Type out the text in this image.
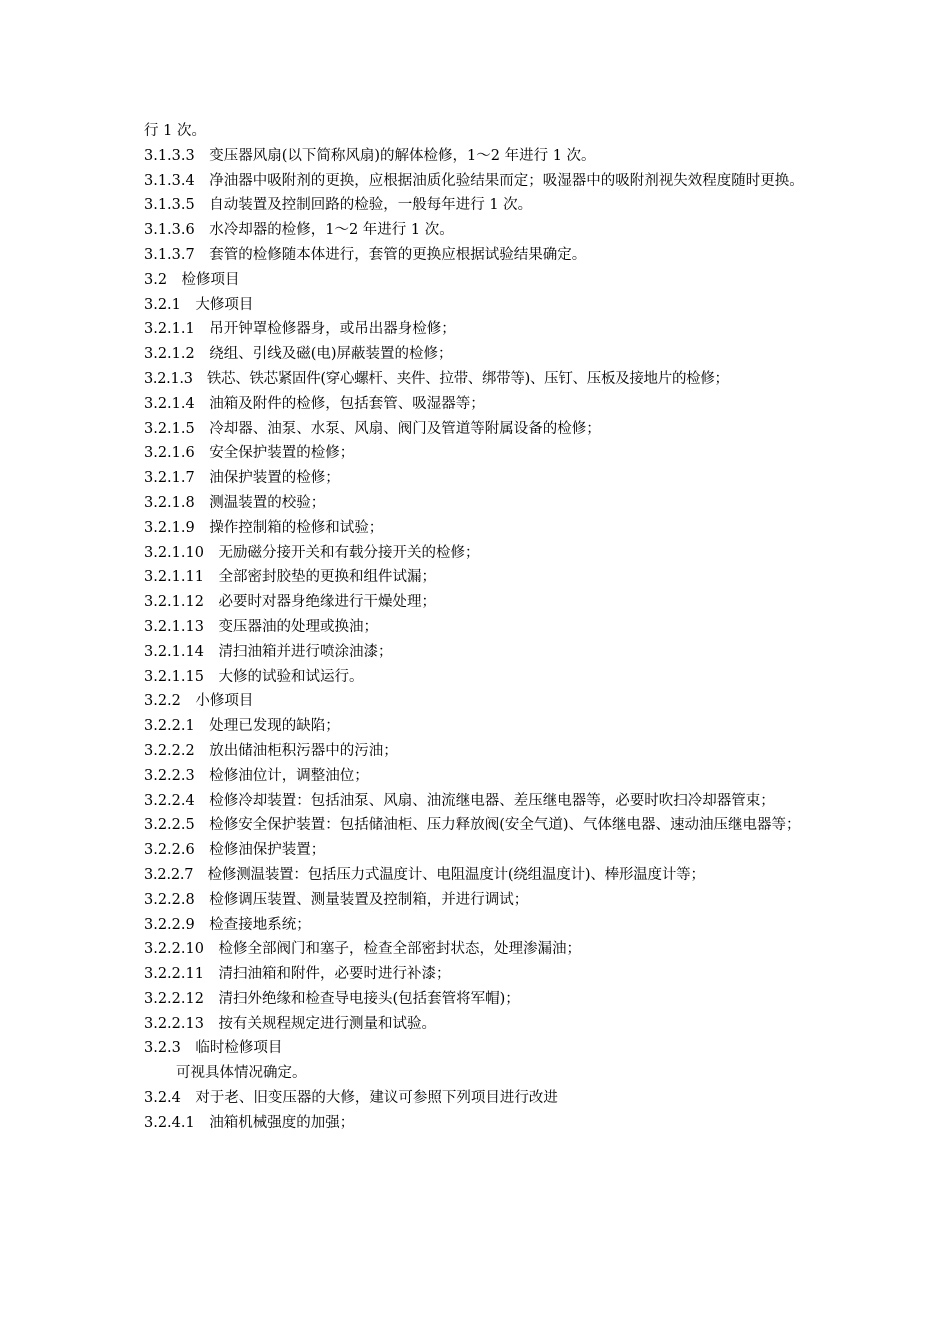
行 1 次。
3.1.3.3　变压器风扇(以下简称风扇)的解体检修，1～2 年进行 1 次。
3.1.3.4　净油器中吸附剂的更换，应根据油质化验结果而定；吸湿器中的吸附剂视失效程度随时更换。
3.1.3.5　自动装置及控制回路的检验，一般每年进行 1 次。
3.1.3.6　水冷却器的检修，1～2 年进行 1 次。
3.1.3.7　套管的检修随本体进行，套管的更换应根据试验结果确定。
3.2　检修项目
3.2.1　大修项目
3.2.1.1　吊开钟罩检修器身，或吊出器身检修；
3.2.1.2　绕组、引线及磁(电)屏蔽装置的检修；
3.2.1.3　铁芯、铁芯紧固件(穿心螺杆、夹件、拉带、绑带等)、压钉、压板及接地片的检修；
3.2.1.4　油箱及附件的检修，包括套管、吸湿器等；
3.2.1.5　冷却器、油泵、水泵、风扇、阀门及管道等附属设备的检修；
3.2.1.6　安全保护装置的检修；
3.2.1.7　油保护装置的检修；
3.2.1.8　测温装置的校验；
3.2.1.9　操作控制箱的检修和试验；
3.2.1.10　无励磁分接开关和有载分接开关的检修；
3.2.1.11　全部密封胶垫的更换和组件试漏；
3.2.1.12　必要时对器身绝缘进行干燥处理；
3.2.1.13　变压器油的处理或换油；
3.2.1.14　清扫油箱并进行喷涂油漆；
3.2.1.15　大修的试验和试运行。
3.2.2　小修项目
3.2.2.1　处理已发现的缺陷；
3.2.2.2　放出储油柜积污器中的污油；
3.2.2.3　检修油位计，调整油位；
3.2.2.4　检修冷却装置：包括油泵、风扇、油流继电器、差压继电器等，必要时吹扫冷却器管束；
3.2.2.5　检修安全保护装置：包括储油柜、压力释放阀(安全气道)、气体继电器、速动油压继电器等；
3.2.2.6　检修油保护装置；
3.2.2.7　检修测温装置：包括压力式温度计、电阻温度计(绕组温度计)、棒形温度计等；
3.2.2.8　检修调压装置、测量装置及控制箱，并进行调试；
3.2.2.9　检查接地系统；
3.2.2.10　检修全部阀门和塞子，检查全部密封状态，处理渗漏油；
3.2.2.11　清扫油箱和附件，必要时进行补漆；
3.2.2.12　清扫外绝缘和检查导电接头(包括套管将军帽)；
3.2.2.13　按有关规程规定进行测量和试验。
3.2.3　临时检修项目
可视具体情况确定。
3.2.4　对于老、旧变压器的大修，建议可参照下列项目进行改进
3.2.4.1　油箱机械强度的加强；
